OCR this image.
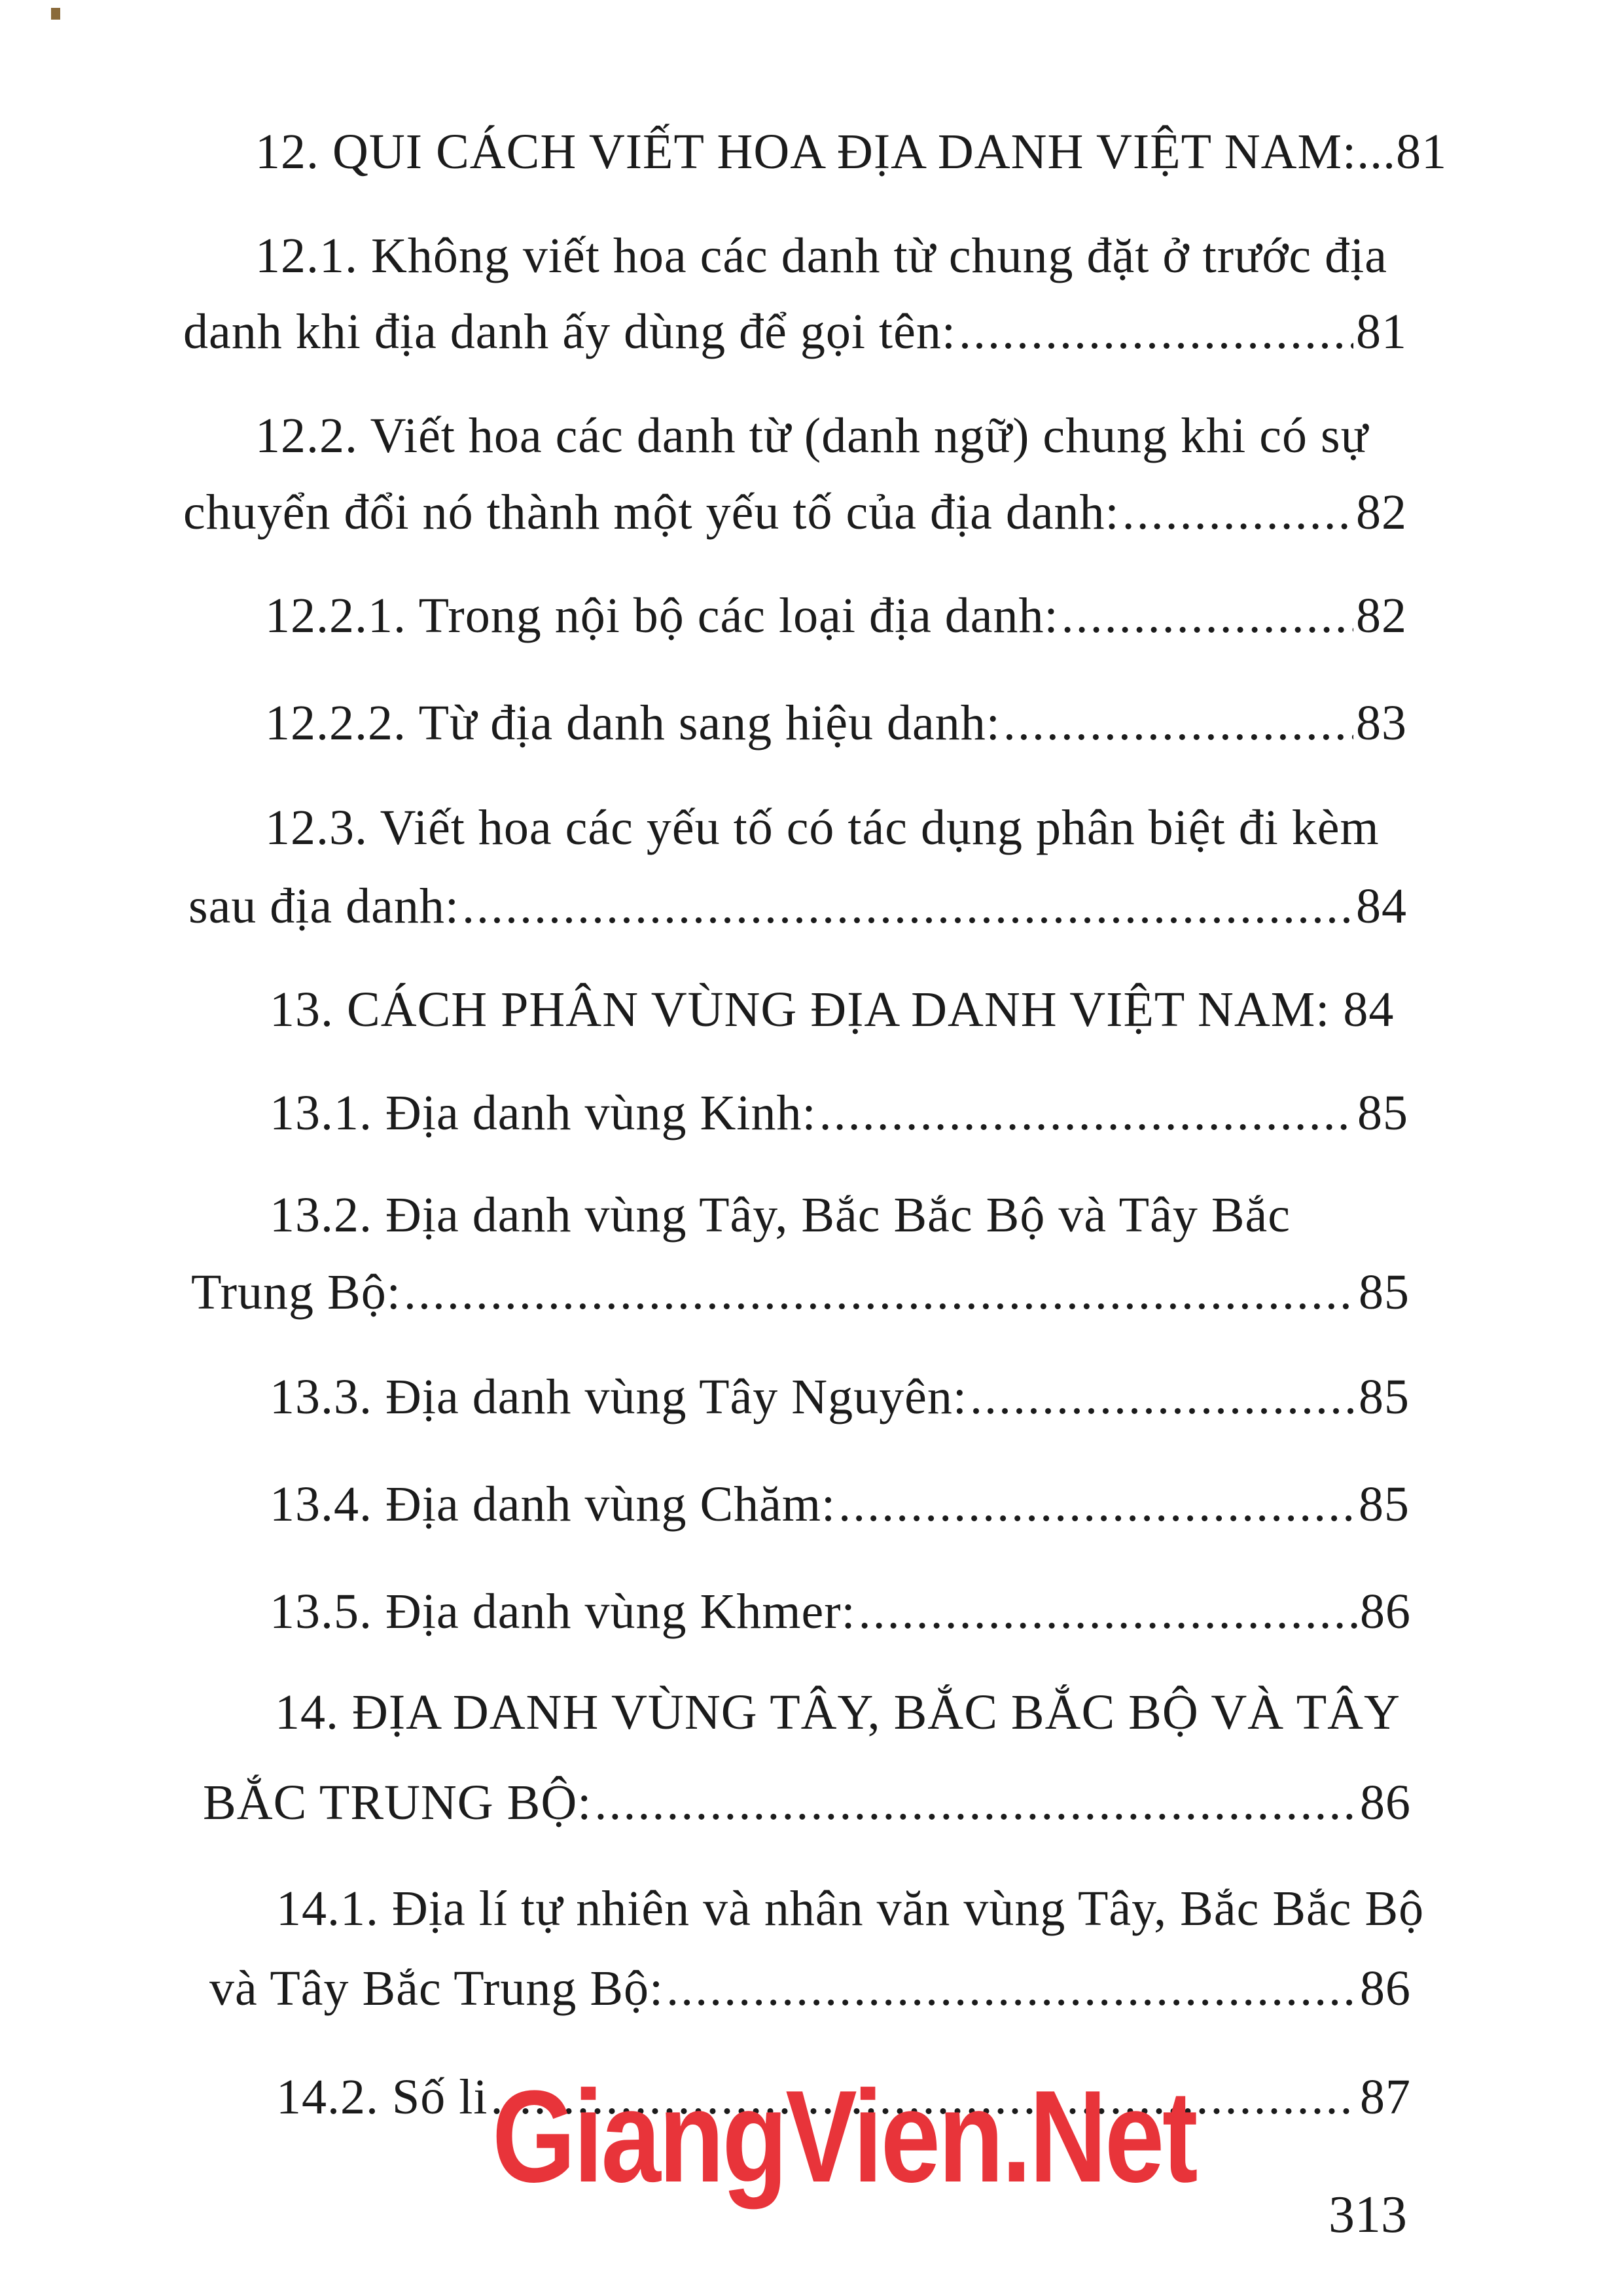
12. QUI CÁCH VIẾT HOA ĐỊA DANH VIỆT NAM:...81
12.1. Không viết hoa các danh từ chung đặt ở trước địa
danh khi địa danh ấy dùng để gọi tên: .....	81
12.2. Viết hoa các danh từ (danh ngữ) chung khi có sự
chuyển đổi nó thành một yếu tố của địa danh: .....	82
12.2.1. Trong nội bộ các loại địa danh: .....	82
12.2.2. Từ địa danh sang hiệu danh: .....	83
12.3. Viết hoa các yếu tố có tác dụng phân biệt đi kèm
sau địa danh: .....	84
13. CÁCH PHÂN VÙNG ĐỊA DANH VIỆT NAM: 84
13.1. Địa danh vùng Kinh: .....	85
13.2. Địa danh vùng Tây, Bắc Bắc Bộ và Tây Bắc
Trung Bộ: .....	85
13.3. Địa danh vùng Tây Nguyên: .....	85
13.4. Địa danh vùng Chăm: .....	85
13.5. Địa danh vùng Khmer: .....	86
14. ĐỊA DANH VÙNG TÂY, BẮC BẮC BỘ VÀ TÂY
BẮC TRUNG BỘ: .....	86
14.1. Địa lí tự nhiên và nhân văn vùng Tây, Bắc Bắc Bộ
và Tây Bắc Trung Bộ: .....	86
14.2. Số li .....	87
GiangVien.Net
313
